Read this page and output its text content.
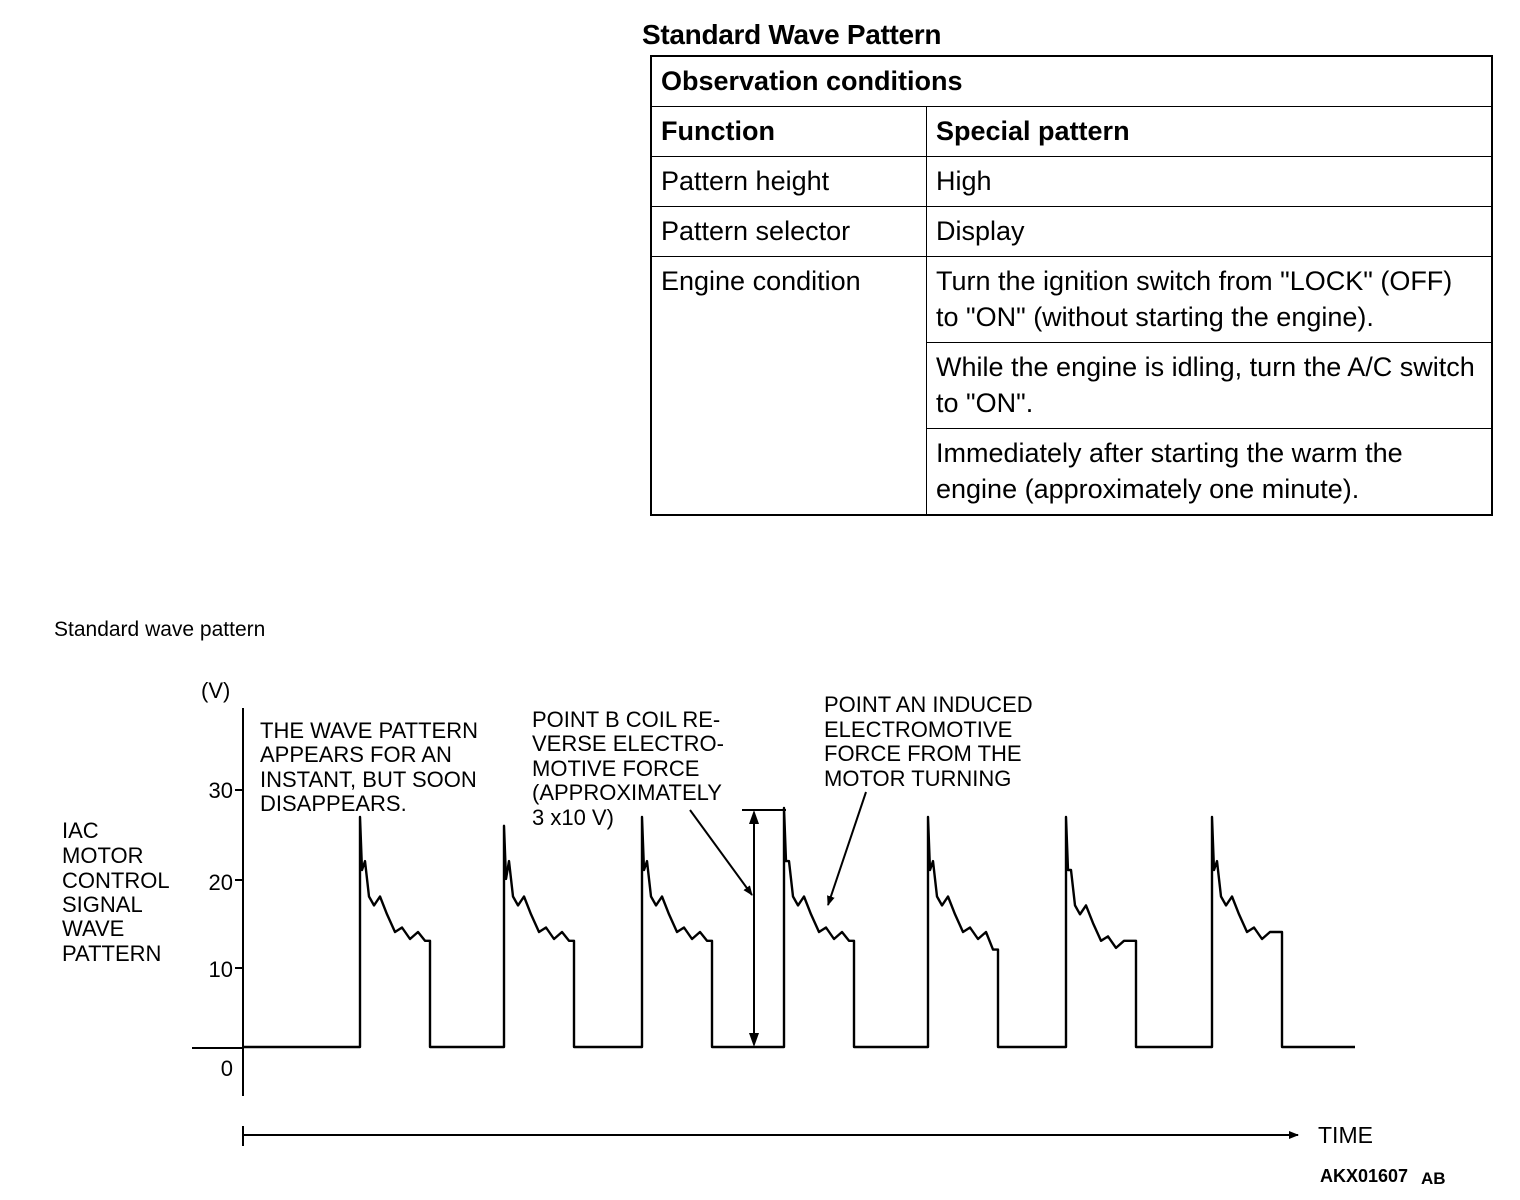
Standard Wave Pattern
Observation conditions	
Function	Special pattern
Pattern height	High
Pattern selector	Display
Engine condition	Turn the ignition switch from "LOCK" (OFF) to "ON" (without starting the engine).
	While the engine is idling, turn the A/C switch to "ON".
	Immediately after starting the warm the engine (approximately one minute).
Standard wave pattern
(V)
IAC
MOTOR
CONTROL
SIGNAL
WAVE
PATTERN
30
20
10
0
THE WAVE PATTERN
APPEARS FOR AN
INSTANT, BUT SOON
DISAPPEARS.
POINT B COIL RE-
VERSE ELECTRO-
MOTIVE FORCE
(APPROXIMATELY
3 x10 V)
POINT AN INDUCED
ELECTROMOTIVE
FORCE FROM THE
MOTOR TURNING
TIME
AKX01607 AB
